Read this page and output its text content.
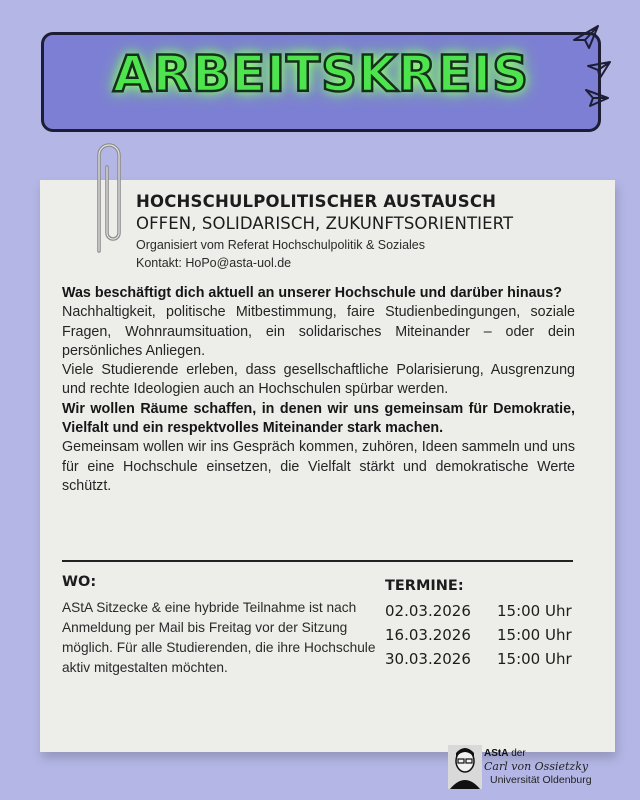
ARBEITSKREIS
HOCHSCHULPOLITISCHER AUSTAUSCH
OFFEN, SOLIDARISCH, ZUKUNFTSORIENTIERT
Organisiert vom Referat Hochschulpolitik & Soziales
Kontakt: HoPo@asta-uol.de

Was beschäftigt dich aktuell an unserer Hochschule und darüber hinaus?

Nachhaltigkeit, politische Mitbestimmung, faire Studienbedingungen, soziale Fragen, Wohnraumsituation, ein solidarisches Miteinander – oder dein persönliches Anliegen.

Viele Studierende erleben, dass gesellschaftliche Polarisierung, Ausgrenzung und rechte Ideologien auch an Hochschulen spürbar werden.

Wir wollen Räume schaffen, in denen wir uns gemeinsam für Demokratie, Vielfalt und ein respektvolles Miteinander stark machen.

Gemeinsam wollen wir ins Gespräch kommen, zuhören, Ideen sammeln und uns für eine Hochschule einsetzen, die Vielfalt stärkt und demokratische Werte schützt.

WO:
AStA Sitzecke & eine hybride Teilnahme ist nach Anmeldung per Mail bis Freitag vor der Sitzung möglich. Für alle Studierenden, die ihre Hochschule aktiv mitgestalten möchten.
TERMINE:
02.03.2026 15:00 Uhr
16.03.2026 15:00 Uhr
30.03.2026 15:00 Uhr
AStA der
Carl von Ossietzky
Universität Oldenburg
